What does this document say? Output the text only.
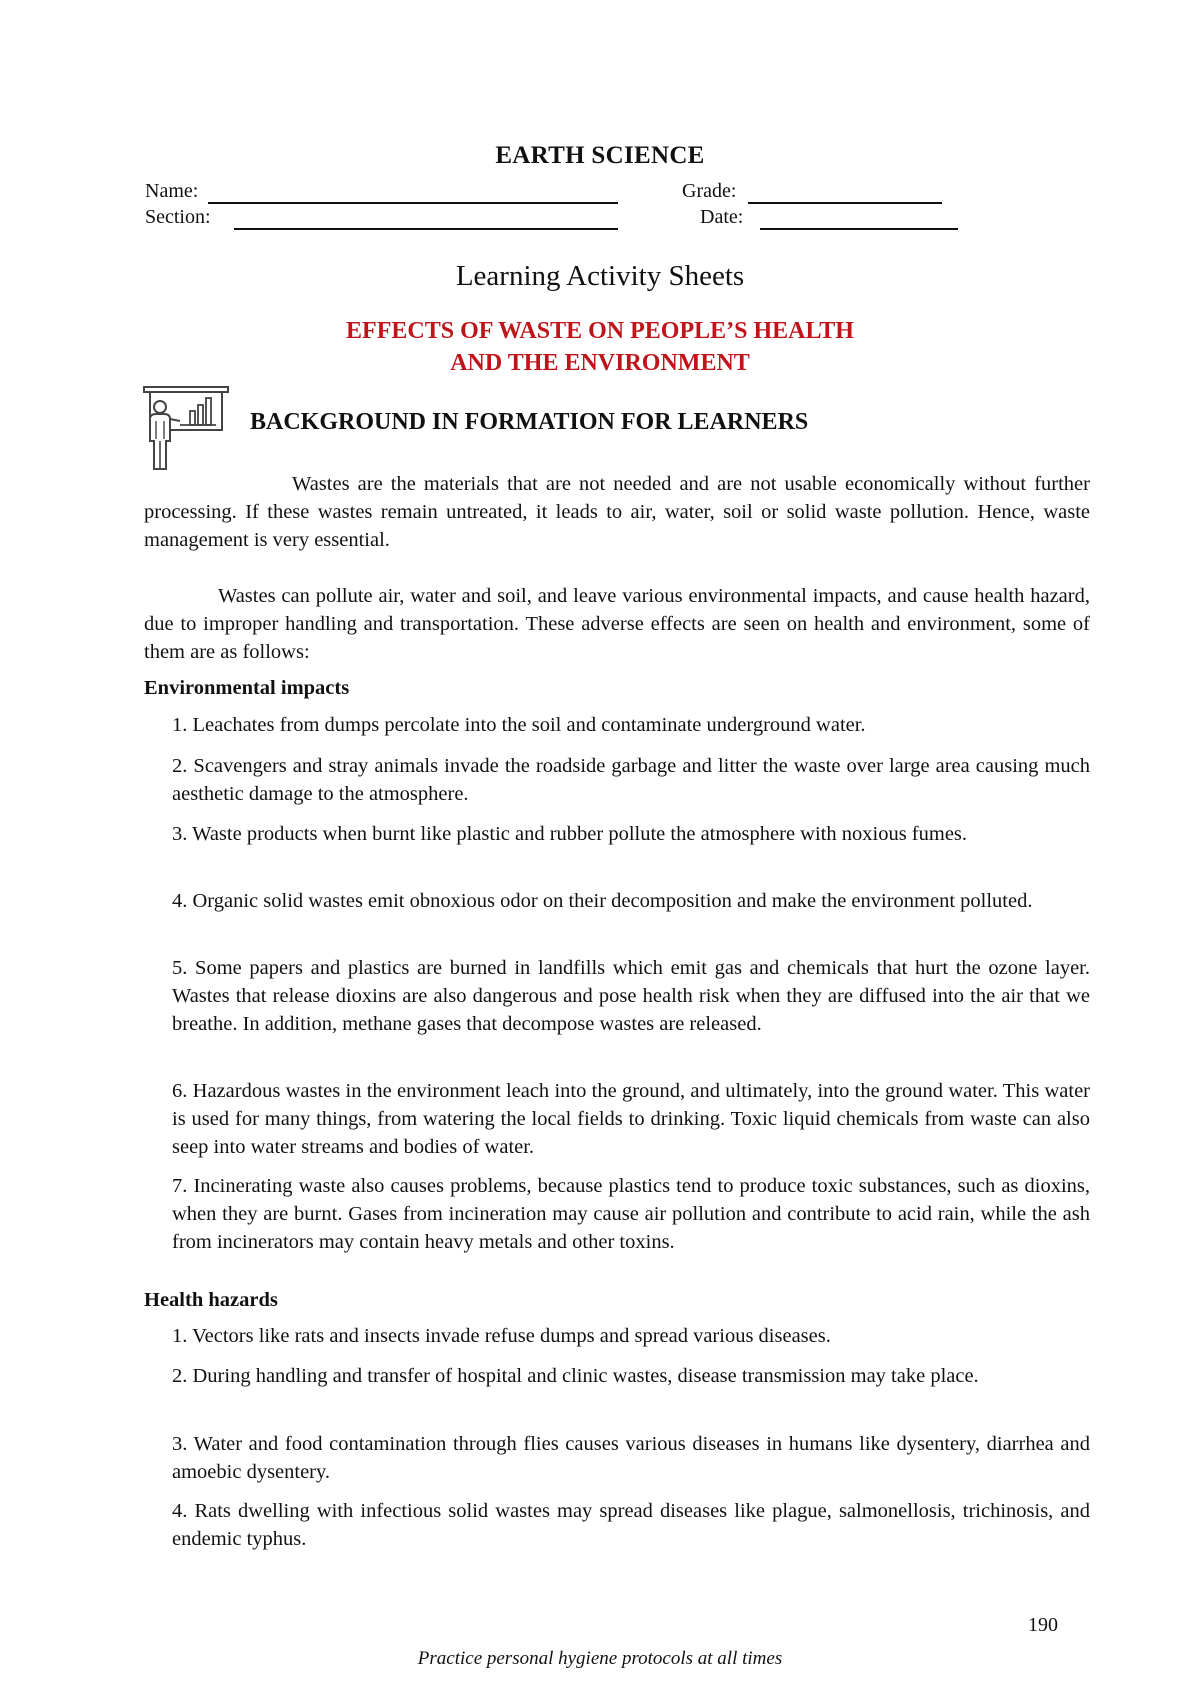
EARTH SCIENCE
Name:	Grade:
Section:	Date:
Learning Activity Sheets
EFFECTS OF WASTE ON PEOPLE’S HEALTH
AND THE ENVIRONMENT
BACKGROUND IN FORMATION FOR LEARNERS

Wastes are the materials that are not needed and are not usable economically without further processing. If these wastes remain untreated, it leads to air, water, soil or solid waste pollution. Hence, waste management is very essential.

Wastes can pollute air, water and soil, and leave various environmental impacts, and cause health hazard, due to improper handling and transportation. These adverse effects are seen on health and environment, some of them are as follows:

Environmental impacts

1. Leachates from dumps percolate into the soil and contaminate underground water.

2. Scavengers and stray animals invade the roadside garbage and litter the waste over large area causing much aesthetic damage to the atmosphere.

3. Waste products when burnt like plastic and rubber pollute the atmosphere with noxious fumes.

4. Organic solid wastes emit obnoxious odor on their decomposition and make the environment polluted.

5. Some papers and plastics are burned in landfills which emit gas and chemicals that hurt the ozone layer. Wastes that release dioxins are also dangerous and pose health risk when they are diffused into the air that we breathe. In addition, methane gases that decompose wastes are released.

6. Hazardous wastes in the environment leach into the ground, and ultimately, into the ground water. This water is used for many things, from watering the local fields to drinking. Toxic liquid chemicals from waste can also seep into water streams and bodies of water.

7. Incinerating waste also causes problems, because plastics tend to produce toxic substances, such as dioxins, when they are burnt. Gases from incineration may cause air pollution and contribute to acid rain, while the ash from incinerators may contain heavy metals and other toxins.

Health hazards

1. Vectors like rats and insects invade refuse dumps and spread various diseases.

2. During handling and transfer of hospital and clinic wastes, disease transmission may take place.

3. Water and food contamination through flies causes various diseases in humans like dysentery, diarrhea and amoebic dysentery.

4. Rats dwelling with infectious solid wastes may spread diseases like plague, salmonellosis, trichinosis, and endemic typhus.

190
Practice personal hygiene protocols at all times
